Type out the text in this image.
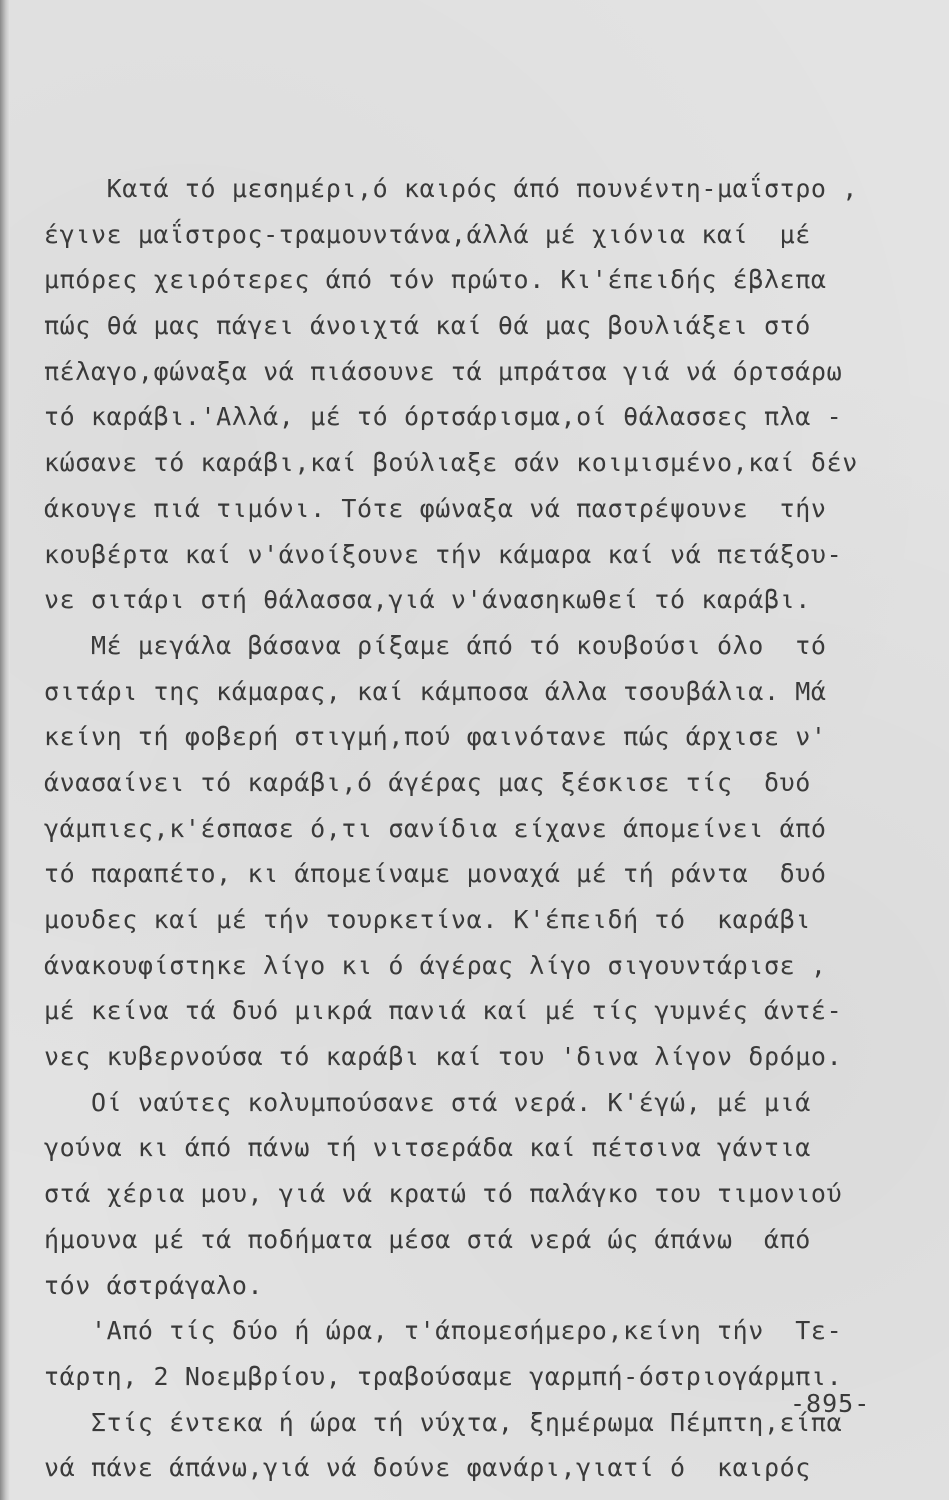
Κατά τό μεσημέρι,ό καιρός άπό πουνέντη-μαΐστρο ,
έγινε μαΐστρος-τραμουντάνα,άλλά μέ χιόνια καί  μέ
μπόρες χειρότερες άπό τόν πρώτο. Κι'έπειδής έβλεπα
πώς θά μας πάγει άνοιχτά καί θά μας βουλιάξει στό
πέλαγο,φώναξα νά πιάσουνε τά μπράτσα γιά νά όρτσάρω
τό καράβι.'Αλλά, μέ τό όρτσάρισμα,οί θάλασσες πλα -
κώσανε τό καράβι,καί βούλιαξε σάν κοιμισμένο,καί δέν
άκουγε πιά τιμόνι. Τότε φώναξα νά παστρέψουνε  τήν
κουβέρτα καί ν'άνοίξουνε τήν κάμαρα καί νά πετάξου-
νε σιτάρι στή θάλασσα,γιά ν'άνασηκωθεί τό καράβι.
Μέ μεγάλα βάσανα ρίξαμε άπό τό κουβούσι όλο  τό
σιτάρι της κάμαρας, καί κάμποσα άλλα τσουβάλια. Μά
κείνη τή φοβερή στιγμή,πού φαινότανε πώς άρχισε ν'
άνασαίνει τό καράβι,ό άγέρας μας ξέσκισε τίς  δυό
γάμπιες,κ'έσπασε ό,τι σανίδια είχανε άπομείνει άπό
τό παραπέτο, κι άπομείναμε μοναχά μέ τή ράντα  δυό
μουδες καί μέ τήν τουρκετίνα. Κ'έπειδή τό  καράβι
άνακουφίστηκε λίγο κι ό άγέρας λίγο σιγουντάρισε ,
μέ κείνα τά δυό μικρά πανιά καί μέ τίς γυμνές άντέ-
νες κυβερνούσα τό καράβι καί του 'δινα λίγον δρόμο.
Οί ναύτες κολυμπούσανε στά νερά. Κ'έγώ, μέ μιά
γούνα κι άπό πάνω τή νιτσεράδα καί πέτσινα γάντια
στά χέρια μου, γιά νά κρατώ τό παλάγκο του τιμονιού
ήμουνα μέ τά ποδήματα μέσα στά νερά ώς άπάνω  άπό
τόν άστράγαλο.
'Από τίς δύο ή ώρα, τ'άπομεσήμερο,κείνη τήν  Τε-
τάρτη, 2 Νοεμβρίου, τραβούσαμε γαρμπή-όστριογάρμπι.
Στίς έντεκα ή ώρα τή νύχτα, ξημέρωμα Πέμπτη,είπα
νά πάνε άπάνω,γιά νά δούνε φανάρι,γιατί ό  καιρός
-895-
